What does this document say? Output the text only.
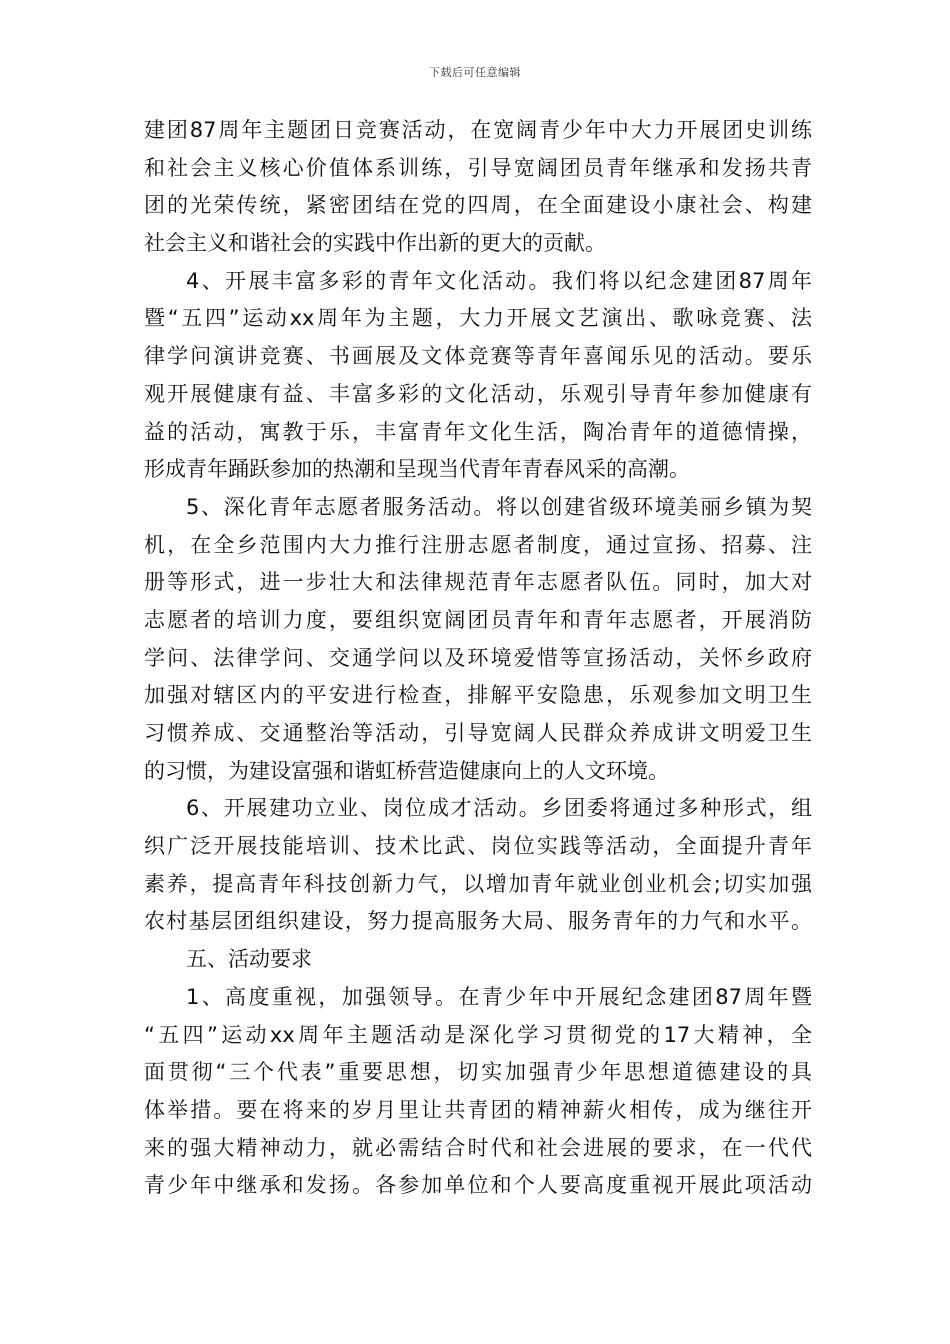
下载后可任意编辑
建团87周年主题团日竞赛活动，在宽阔青少年中大力开展团史训练
和社会主义核心价值体系训练，引导宽阔团员青年继承和发扬共青
团的光荣传统，紧密团结在党的四周，在全面建设小康社会、构建
社会主义和谐社会的实践中作出新的更大的贡献。
4、开展丰富多彩的青年文化活动。我们将以纪念建团87周年
暨“五四”运动xx周年为主题，大力开展文艺演出、歌咏竞赛、法
律学问演讲竞赛、书画展及文体竞赛等青年喜闻乐见的活动。要乐
观开展健康有益、丰富多彩的文化活动，乐观引导青年参加健康有
益的活动，寓教于乐，丰富青年文化生活，陶冶青年的道德情操，
形成青年踊跃参加的热潮和呈现当代青年青春风采的高潮。
5、深化青年志愿者服务活动。将以创建省级环境美丽乡镇为契
机，在全乡范围内大力推行注册志愿者制度，通过宣扬、招募、注
册等形式，进一步壮大和法律规范青年志愿者队伍。同时，加大对
志愿者的培训力度，要组织宽阔团员青年和青年志愿者，开展消防
学问、法律学问、交通学问以及环境爱惜等宣扬活动，关怀乡政府
加强对辖区内的平安进行检查，排解平安隐患，乐观参加文明卫生
习惯养成、交通整治等活动，引导宽阔人民群众养成讲文明爱卫生
的习惯，为建设富强和谐虹桥营造健康向上的人文环境。
6、开展建功立业、岗位成才活动。乡团委将通过多种形式，组
织广泛开展技能培训、技术比武、岗位实践等活动，全面提升青年
素养，提高青年科技创新力气，以增加青年就业创业机会;切实加强
农村基层团组织建设，努力提高服务大局、服务青年的力气和水平。
五、活动要求
1、高度重视，加强领导。在青少年中开展纪念建团87周年暨
“五四”运动xx周年主题活动是深化学习贯彻党的17大精神，全
面贯彻“三个代表”重要思想，切实加强青少年思想道德建设的具
体举措。要在将来的岁月里让共青团的精神薪火相传，成为继往开
来的强大精神动力，就必需结合时代和社会进展的要求，在一代代
青少年中继承和发扬。各参加单位和个人要高度重视开展此项活动
